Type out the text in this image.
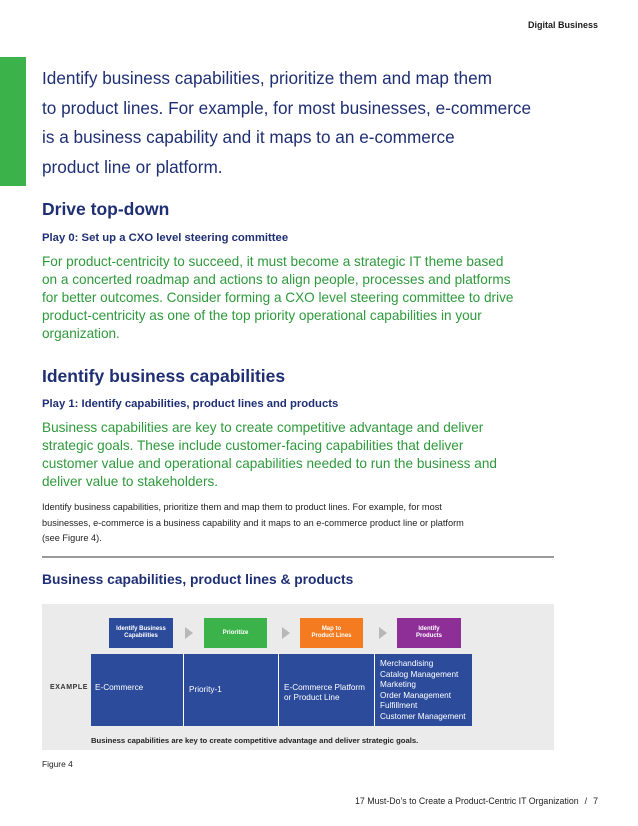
Digital Business
Identify business capabilities, prioritize them and map them
to product lines. For example, for most businesses, e-commerce
is a business capability and it maps to an e-commerce
product line or platform.
Drive top-down
Play 0: Set up a CXO level steering committee
For product-centricity to succeed, it must become a strategic IT theme based on a concerted roadmap and actions to align people, processes and platforms for better outcomes. Consider forming a CXO level steering committee to drive product-centricity as one of the top priority operational capabilities in your organization.
Identify business capabilities
Play 1: Identify capabilities, product lines and products
Business capabilities are key to create competitive advantage and deliver strategic goals. These include customer-facing capabilities that deliver customer value and operational capabilities needed to run the business and deliver value to stakeholders.
Identify business capabilities, prioritize them and map them to product lines. For example, for most
businesses, e-commerce is a business capability and it maps to an e-commerce product line or platform
(see Figure 4).
Business capabilities, product lines & products
Identify Business
Capabilities
Prioritize
Map to
Product Lines
Identify
Products
EXAMPLE E-Commerce	Priority-1	E-Commerce Platform
or Product Line
Merchandising
Catalog Management
Marketing
Order Management
Fulfillment
Customer Management
Business capabilities are key to create competitive advantage and deliver strategic goals.
Figure 4
17 Must-Do’s to Create a Product-Centric IT Organization / 7
